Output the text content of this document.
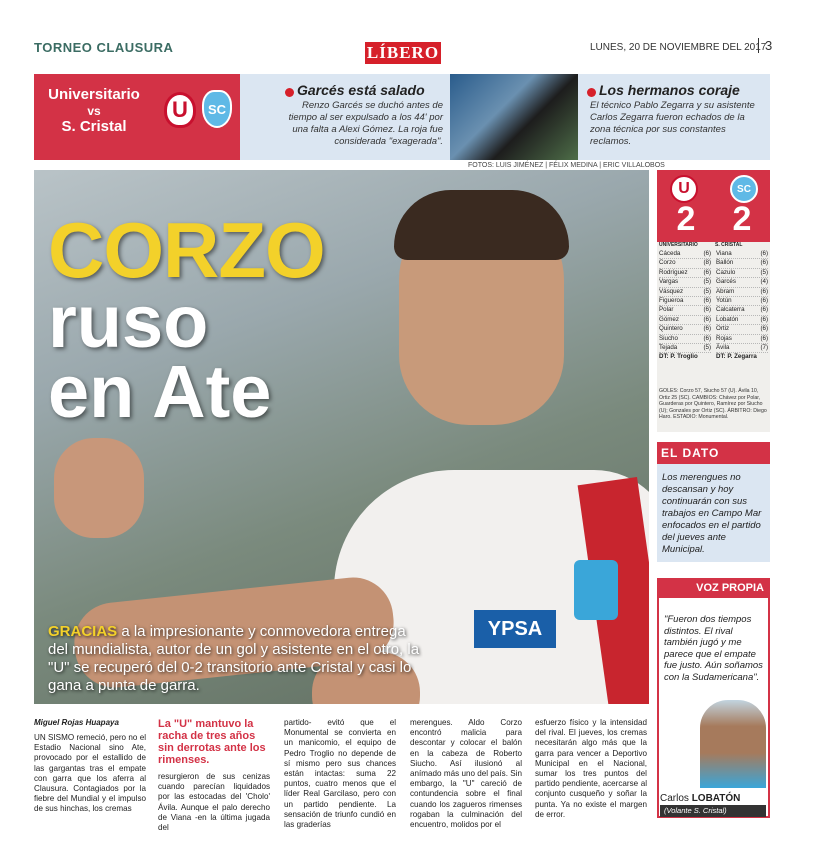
TORNEO CLAUSURA	LÍBERO	LUNES, 20 DE NOVIEMBRE DEL 2017
3
Universitario
vs
S. Cristal
U	SC
Garcés está salado
Renzo Garcés se duchó antes de tiempo al ser expulsado a los 44' por una falta a Alexi Gómez. La roja fue considerada "exagerada".
Los hermanos coraje
El técnico Pablo Zegarra y su asistente Carlos Zegarra fueron echados de la zona técnica por sus constantes reclamos.
FOTOS: LUIS JIMÉNEZ | FÉLIX MEDINA | ERIC VILLALOBOS
YPSA
CORZO
ruso
en Ate
GRACIAS a la impresionante y conmovedora entrega del mundialista, autor de un gol y asistente en el otro, la "U" se recuperó del 0-2 transitorio ante Cristal y casi lo gana a punta de garra.
U	SC
2	2
UNIVERSITARIO	S. CRISTAL
Cáceda	(6)
Corzo	(8)
Rodríguez	(6)
Vargas	(5)
Vásquez	(5)
Figueroa	(6)
Polar	(6)
Gómez	(6)
Quintero	(6)
Siucho	(6)
Tejada	(5)
DT: P. Troglio
Viana	(6)
Ballón	(6)
Cazulo	(5)
Garcés	(4)
Abram	(6)
Yotún	(6)
Calcaterra	(6)
Lobatón	(6)
Ortiz	(6)
Rojas	(6)
Ávila	(7)
DT: P. Zegarra
GOLES: Corzo 57, Siucho 57 (U). Ávila 10, Ortiz 25 (SC). CAMBIOS: Chávez por Polar, Guarderas por Quintero, Ramírez por Siucho (U); Gonzales por Ortiz (SC). ÁRBITRO: Diego Haro. ESTADIO: Monumental.
EL DATO
Los merengues no descansan y hoy continuarán con sus trabajos en Campo Mar enfocados en el partido del jueves ante Municipal.
VOZ PROPIA
"Fueron dos tiempos distintos. El rival también jugó y me parece que el empate fue justo. Aún soñamos con la Sudamericana".
Carlos LOBATÓN
(Volante S. Cristal)
Miguel Rojas Huapaya
UN SISMO remeció, pero no el Estadio Nacional sino Ate, provocado por el estallido de las gargantas tras el empate con garra que los aferra al Clausura. Contagiados por la fiebre del Mundial y el impulso de sus hinchas, los cremas
La "U" mantuvo la racha de tres años sin derrotas ante los rimenses.
resurgieron de sus cenizas cuando parecían liquidados por las estocadas del 'Cholo' Ávila. Aunque el palo derecho de Viana -en la última jugada del
partido- evitó que el Monumental se convierta en un manicomio, el equipo de Pedro Troglio no depende de sí mismo pero sus chances están intactas: suma 22 puntos, cuatro menos que el líder Real Garcilaso, pero con un partido pendiente. La sensación de triunfo cundió en las graderías
merengues. Aldo Corzo encontró malicia para descontar y colocar el balón en la cabeza de Roberto Siucho. Así ilusionó al anímado más uno del país. Sin embargo, la "U" careció de contundencia sobre el final cuando los zagueros rimenses rogaban la culminación del encuentro, molidos por el
esfuerzo físico y la intensidad del rival. El jueves, los cremas necesitarán algo más que la garra para vencer a Deportivo Municipal en el Nacional, sumar los tres puntos del partido pendiente, acercarse al conjunto cusqueño y soñar la punta. Ya no existe el margen de error.
